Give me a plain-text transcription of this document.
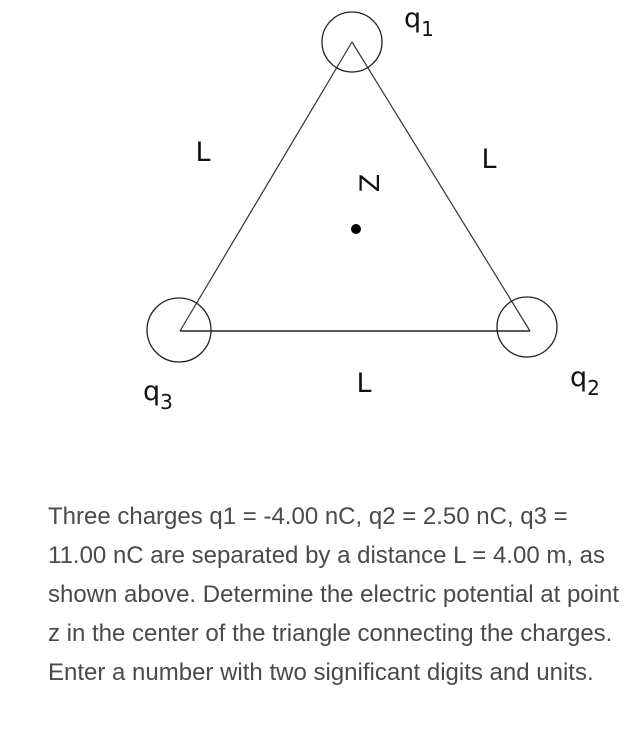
Z
L	L
L
$q_1$
$q_2$
$q_3$

Three charges q1 = -4.00 nC, q2 = 2.50 nC, q3 = 11.00 nC are separated by a distance L = 4.00 m, as shown above. Determine the electric potential at point z in the center of the triangle connecting the charges. Enter a number with two significant digits and units.
